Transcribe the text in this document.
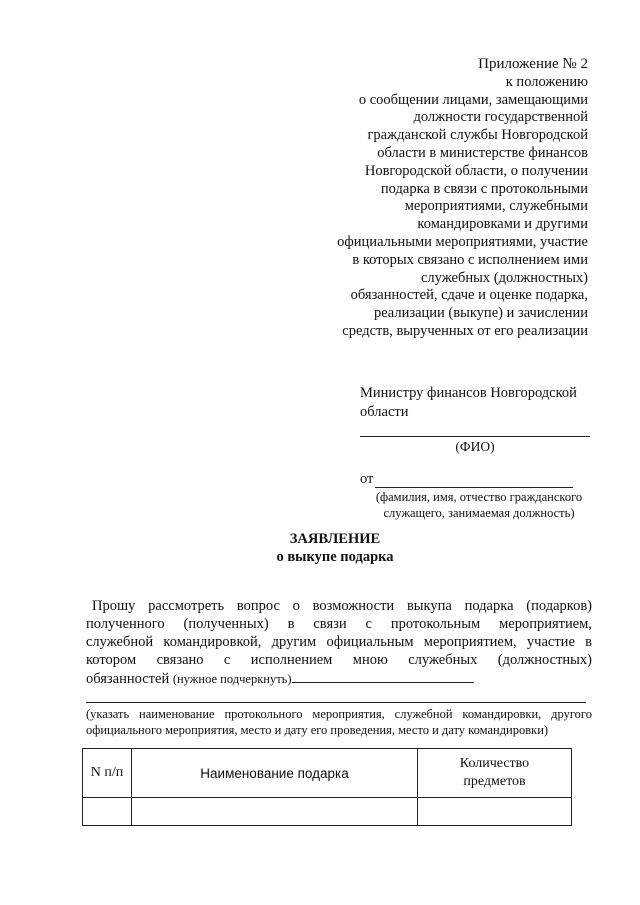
Приложение № 2
к положению
о сообщении лицами, замещающими
должности государственной
гражданской службы Новгородской
области в министерстве финансов
Новгородской области, о получении
подарка в связи с протокольными
мероприятиями, служебными
командировками и другими
официальными мероприятиями, участие
в которых связано с исполнением ими
служебных (должностных)
обязанностей, сдаче и оценке подарка,
реализации (выкупе) и зачислении
средств, вырученных от его реализации
Министру финансов Новгородской
области
(ФИО)
от
(фамилия, имя, отчество гражданского
служащего, занимаемая должность)
ЗАЯВЛЕНИЕ
о выкупе подарка
Прошу рассмотреть вопрос о возможности выкупа подарка (подарков)
полученного (полученных) в связи с протокольным мероприятием,
служебной командировкой, другим официальным мероприятием, участие в
котором связано с исполнением мною служебных (должностных)
обязанностей (нужное подчеркнуть)
(указать наименование протокольного мероприятия, служебной командировки, другого
официального мероприятия, место и дату его проведения, место и дату командировки)
N п/п	Наименование подарка	Количество
предметов
